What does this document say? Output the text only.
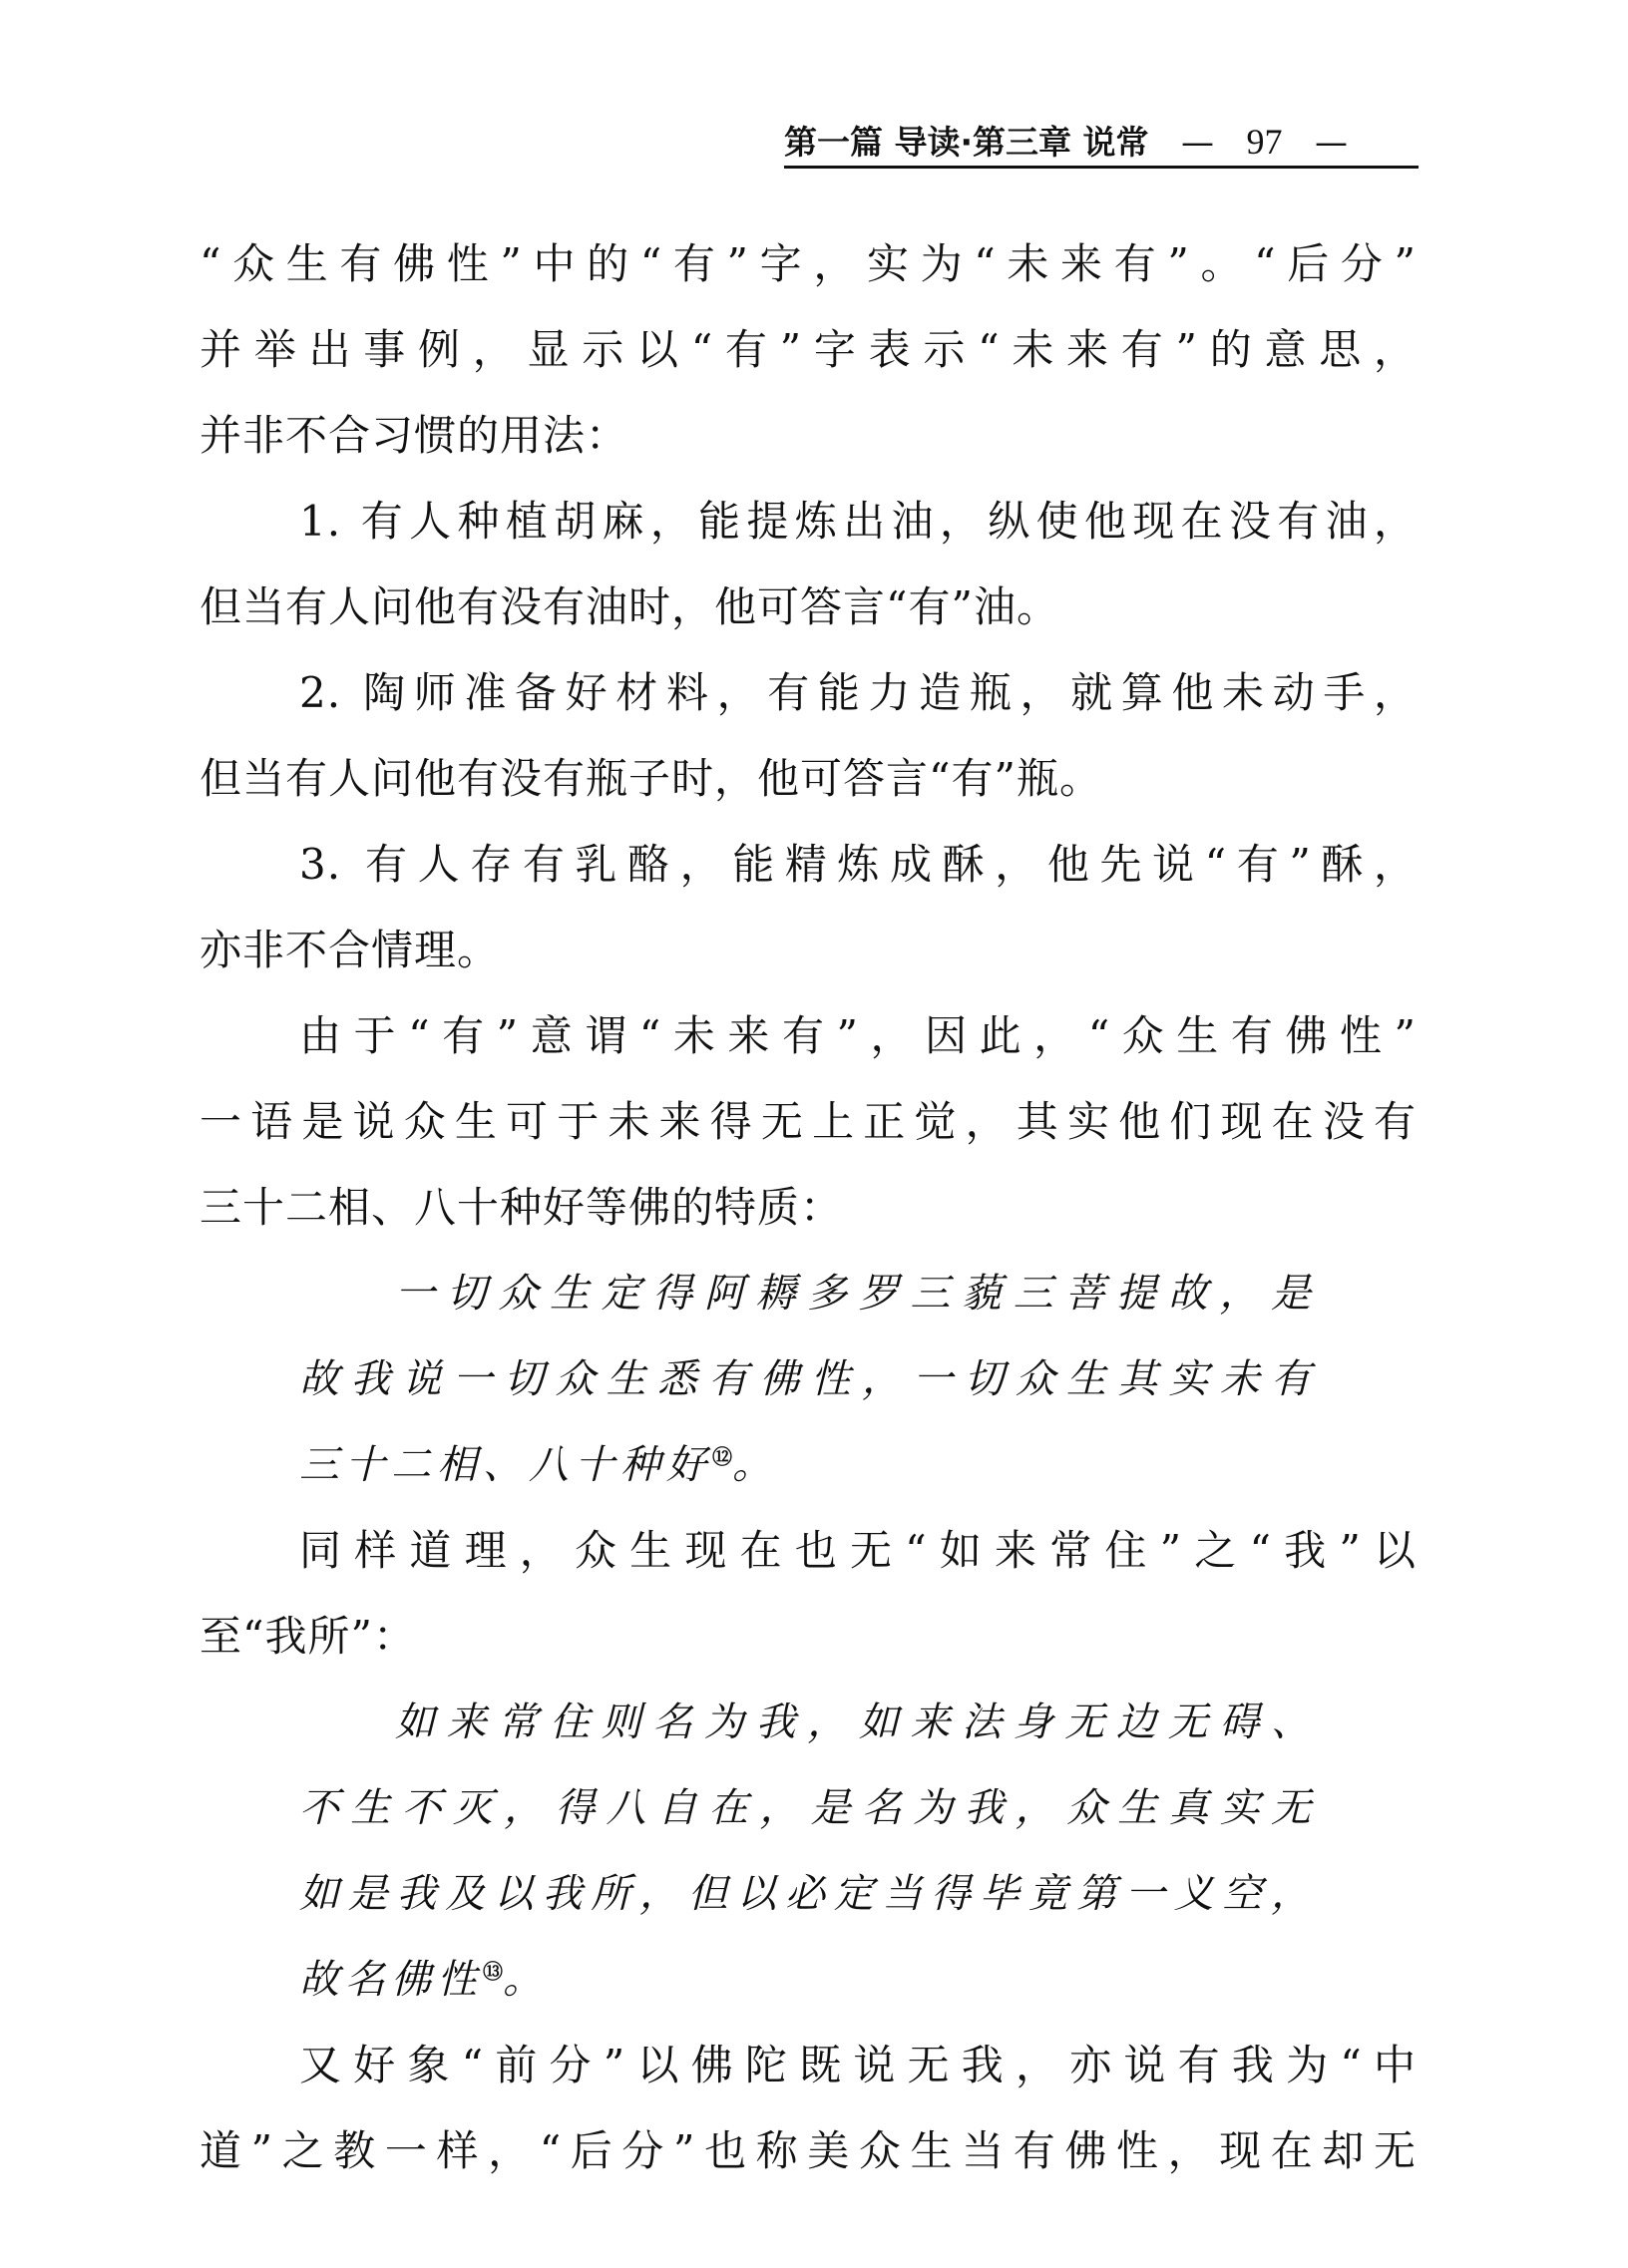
第一篇 导读·第三章 说常   —   97   —
“众生有佛性”中的“有”字，实为“未来有”。“后分”
并举出事例，显示以“有”字表示“未来有”的意思，
并非不合习惯的用法：
1. 有人种植胡麻，能提炼出油，纵使他现在没有油，
但当有人问他有没有油时，他可答言“有”油。
2. 陶师准备好材料，有能力造瓶，就算他未动手，
但当有人问他有没有瓶子时，他可答言“有”瓶。
3. 有人存有乳酪，能精炼成酥，他先说“有”酥，
亦非不合情理。
由于“有”意谓“未来有”，因此，“众生有佛性”
一语是说众生可于未来得无上正觉，其实他们现在没有
三十二相、八十种好等佛的特质：
一切众生定得阿耨多罗三藐三菩提故，是
故我说一切众生悉有佛性，一切众生其实未有
三十二相、八十种好⑫。
同样道理，众生现在也无“如来常住”之“我”以
至“我所”：
如来常住则名为我，如来法身无边无碍、
不生不灭，得八自在，是名为我，众生真实无
如是我及以我所，但以必定当得毕竟第一义空，
故名佛性⑬。
又好象“前分”以佛陀既说无我，亦说有我为“中
道”之教一样，“后分”也称美众生当有佛性，现在却无
